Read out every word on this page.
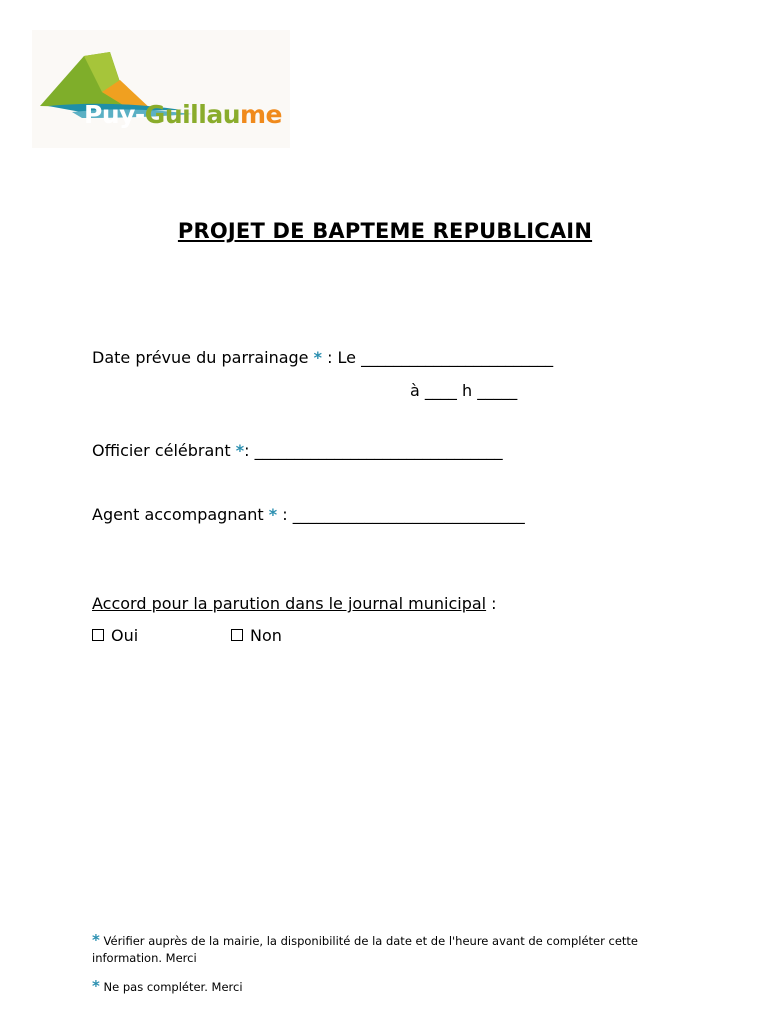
Puy-Guillaume
PROJET DE BAPTEME REPUBLICAIN
Date prévue du parrainage * : Le ________________________
à ____ h _____
Officier célébrant *: _______________________________
Agent accompagnant * : _____________________________
Accord pour la parution dans le journal municipal :
Oui	Non
* Vérifier auprès de la mairie, la disponibilité de la date et de l'heure avant de compléter cette
information. Merci
* Ne pas compléter. Merci
